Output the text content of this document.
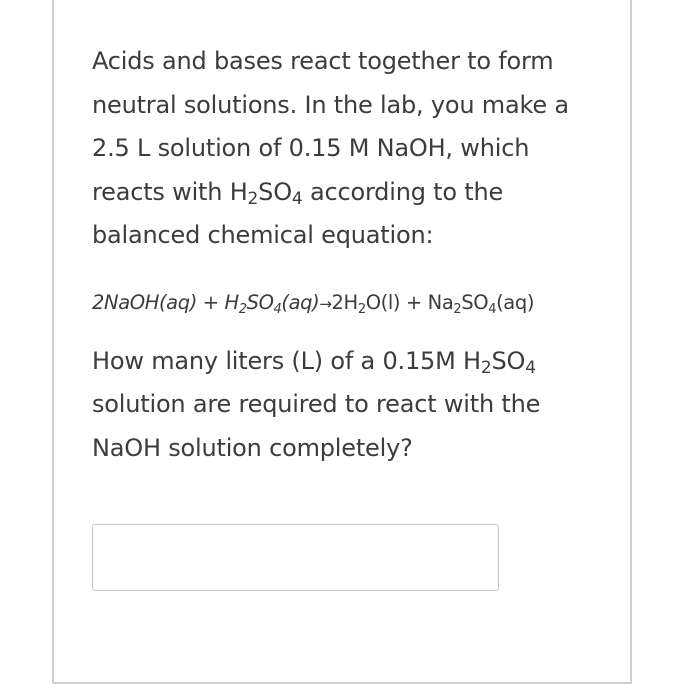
Acids and bases react together to form
neutral solutions. In the lab, you make a
2.5 L solution of 0.15 M NaOH, which
reacts with $H_2SO_4$ according to the
balanced chemical equation:

2NaOH(aq) + $H_2SO_4(aq)\to 2H_2O(l) + Na_2SO_4(aq)$

How many liters (L) of a 0.15M $H_2SO_4$
solution are required to react with the
NaOH solution completely?
